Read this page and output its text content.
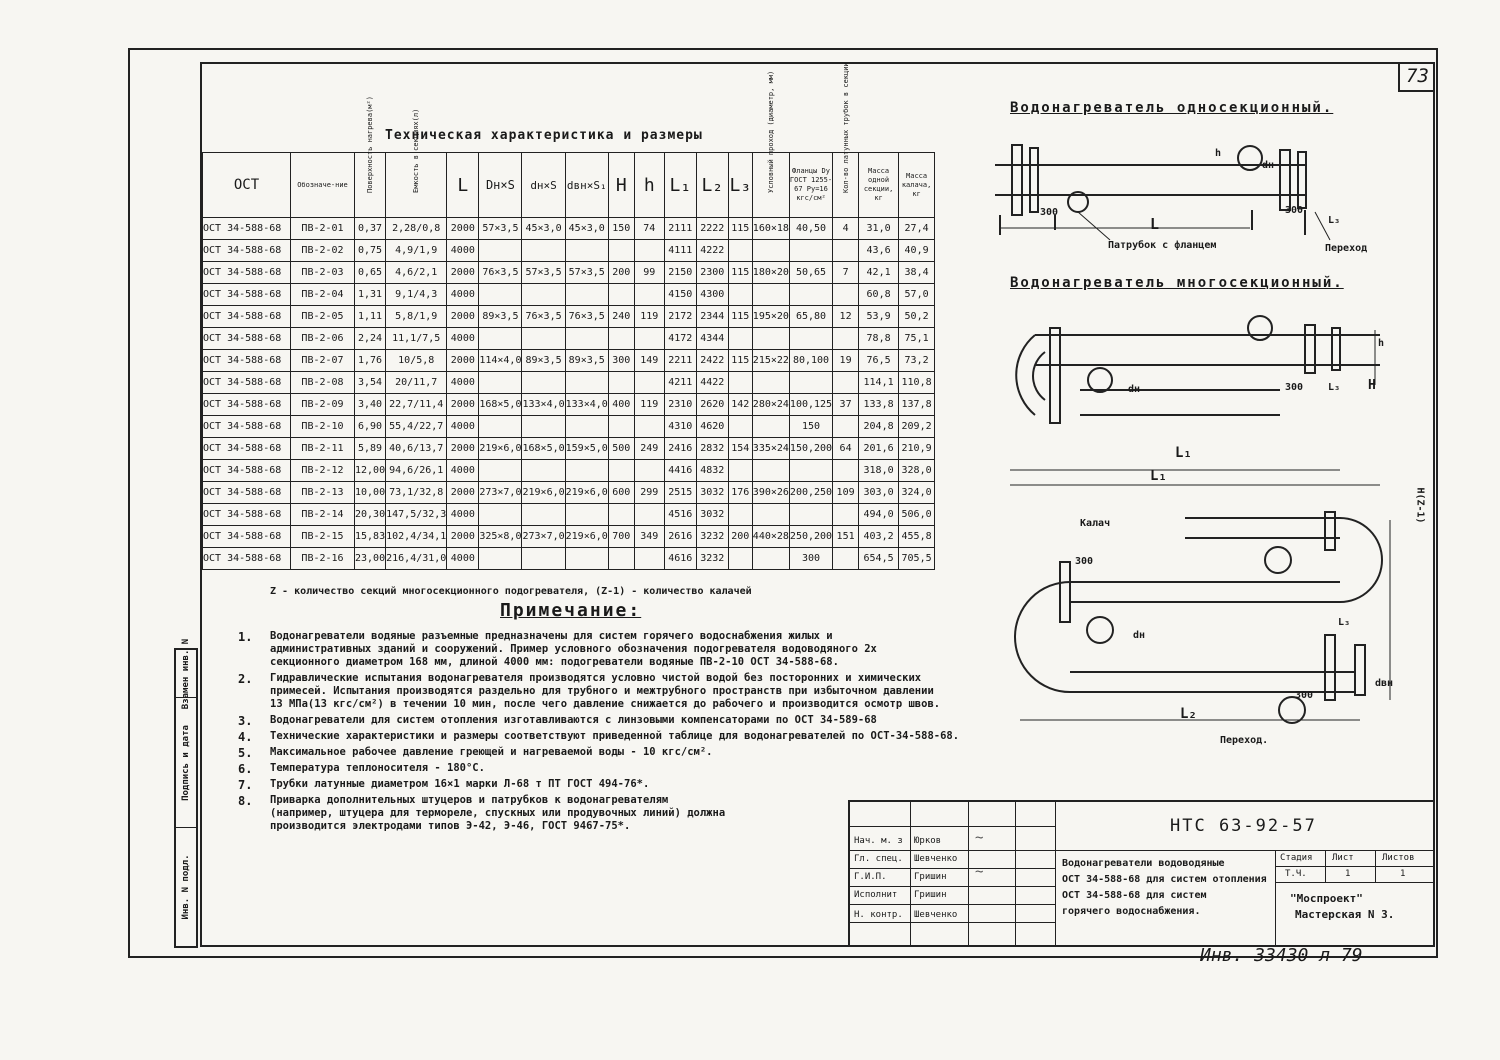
73
Взамен инв. N
Подпись и дата
Инв. N подл.
Техническая характеристика и размеры
ОСТ	Обозначе-ние	Поверхность нагрева(м²)	Емкость в секциях(л)	L	Dн×S	dн×S	dвн×S₁	H	h	L₁	L₂	L₃	Условный проход (диаметр, мм)	Фланцы Dу ГОСТ 1255-67 Ру=16 кгс/см²	Кол-во латунных трубок в секции	Масса одной секции, кг	Масса калача, кг
ОСТ 34-588-68	ПВ-2-01	0,37	2,28/0,8	2000	57×3,5	45×3,0	45×3,0	150	74	2111	2222	115	160×18	40,50	4	31,0	27,4
ОСТ 34-588-68	ПВ-2-02	0,75	4,9/1,9	4000						4111	4222					43,6	40,9
ОСТ 34-588-68	ПВ-2-03	0,65	4,6/2,1	2000	76×3,5	57×3,5	57×3,5	200	99	2150	2300	115	180×20	50,65	7	42,1	38,4
ОСТ 34-588-68	ПВ-2-04	1,31	9,1/4,3	4000						4150	4300					60,8	57,0
ОСТ 34-588-68	ПВ-2-05	1,11	5,8/1,9	2000	89×3,5	76×3,5	76×3,5	240	119	2172	2344	115	195×20	65,80	12	53,9	50,2
ОСТ 34-588-68	ПВ-2-06	2,24	11,1/7,5	4000						4172	4344					78,8	75,1
ОСТ 34-588-68	ПВ-2-07	1,76	10/5,8	2000	114×4,0	89×3,5	89×3,5	300	149	2211	2422	115	215×22	80,100	19	76,5	73,2
ОСТ 34-588-68	ПВ-2-08	3,54	20/11,7	4000						4211	4422					114,1	110,8
ОСТ 34-588-68	ПВ-2-09	3,40	22,7/11,4	2000	168×5,0	133×4,0	133×4,0	400	119	2310	2620	142	280×24	100,125	37	133,8	137,8
ОСТ 34-588-68	ПВ-2-10	6,90	55,4/22,7	4000						4310	4620			150		204,8	209,2
ОСТ 34-588-68	ПВ-2-11	5,89	40,6/13,7	2000	219×6,0	168×5,0	159×5,0	500	249	2416	2832	154	335×24	150,200	64	201,6	210,9
ОСТ 34-588-68	ПВ-2-12	12,00	94,6/26,1	4000						4416	4832					318,0	328,0
ОСТ 34-588-68	ПВ-2-13	10,00	73,1/32,8	2000	273×7,0	219×6,0	219×6,0	600	299	2515	3032	176	390×26	200,250	109	303,0	324,0
ОСТ 34-588-68	ПВ-2-14	20,30	147,5/32,3	4000						4516	3032					494,0	506,0
ОСТ 34-588-68	ПВ-2-15	15,83	102,4/34,1	2000	325×8,0	273×7,0	219×6,0	700	349	2616	3232	200	440×28	250,200	151	403,2	455,8
ОСТ 34-588-68	ПВ-2-16	23,00	216,4/31,0	4000						4616	3232			300		654,5	705,5
Z - количество секций многосекционного подогревателя, (Z-1) - количество калачей
Примечание:
1. Водонагреватели водяные разъемные предназначены для систем горячего водоснабжения жилых и
административных зданий и сооружений. Пример условного обозначения подогревателя водоводяного 2х
секционного диаметром 168 мм, длиной 4000 мм: подогреватели водяные ПВ-2-10 ОСТ 34-588-68.
2. Гидравлические испытания водонагревателя производятся условно чистой водой без посторонних и химических
примесей. Испытания производятся раздельно для трубного и межтрубного пространств при избыточном давлении
13 МПа(13 кгс/см²) в течении 10 мин, после чего давление снижается до рабочего и производится осмотр швов.
3. Водонагреватели для систем отопления изготавливаются с линзовыми компенсаторами по ОСТ 34-589-68
4. Технические характеристики и размеры соответствуют приведенной таблице для водонагревателей по ОСТ-34-588-68.
5. Максимальное рабочее давление греющей и нагреваемой воды - 10 кгс/см².
6. Температура теплоносителя - 180°С.
7. Трубки латунные диаметром 16×1 марки Л-68 т ПТ ГОСТ 494-76*.
8. Приварка дополнительных штуцеров и патрубков к водонагревателям
(например, штуцера для термореле, спускных или продувочных линий) должна
производится электродами типов Э-42, Э-46, ГОСТ 9467-75*.
Водонагреватель односекционный.
Водонагреватель многосекционный.
L
300	300
L₃
dн
h
Патрубок с фланцем	Переход
dн	300 L₃ H
h
L₁
L₁
Калач	H(Z-1)
300
dн
L₃
300
dвн
L₂
Переход.
НТС 63-92-57
Нач. м. з
Гл. спец.
Г.И.П.
Исполнит
Н. контр.
Юрков
Шевченко
Гришин
Гришин
Шевченко
~
~
Водонагреватели водоводяные
ОСТ 34-588-68 для систем отопления
ОСТ 34-588-68 для систем
горячего водоснабжения.
Стадия Лист	Листов
Т.Ч.	1	1
"Моспроект"
Мастерская N 3.
Инв. 33430 л 79
